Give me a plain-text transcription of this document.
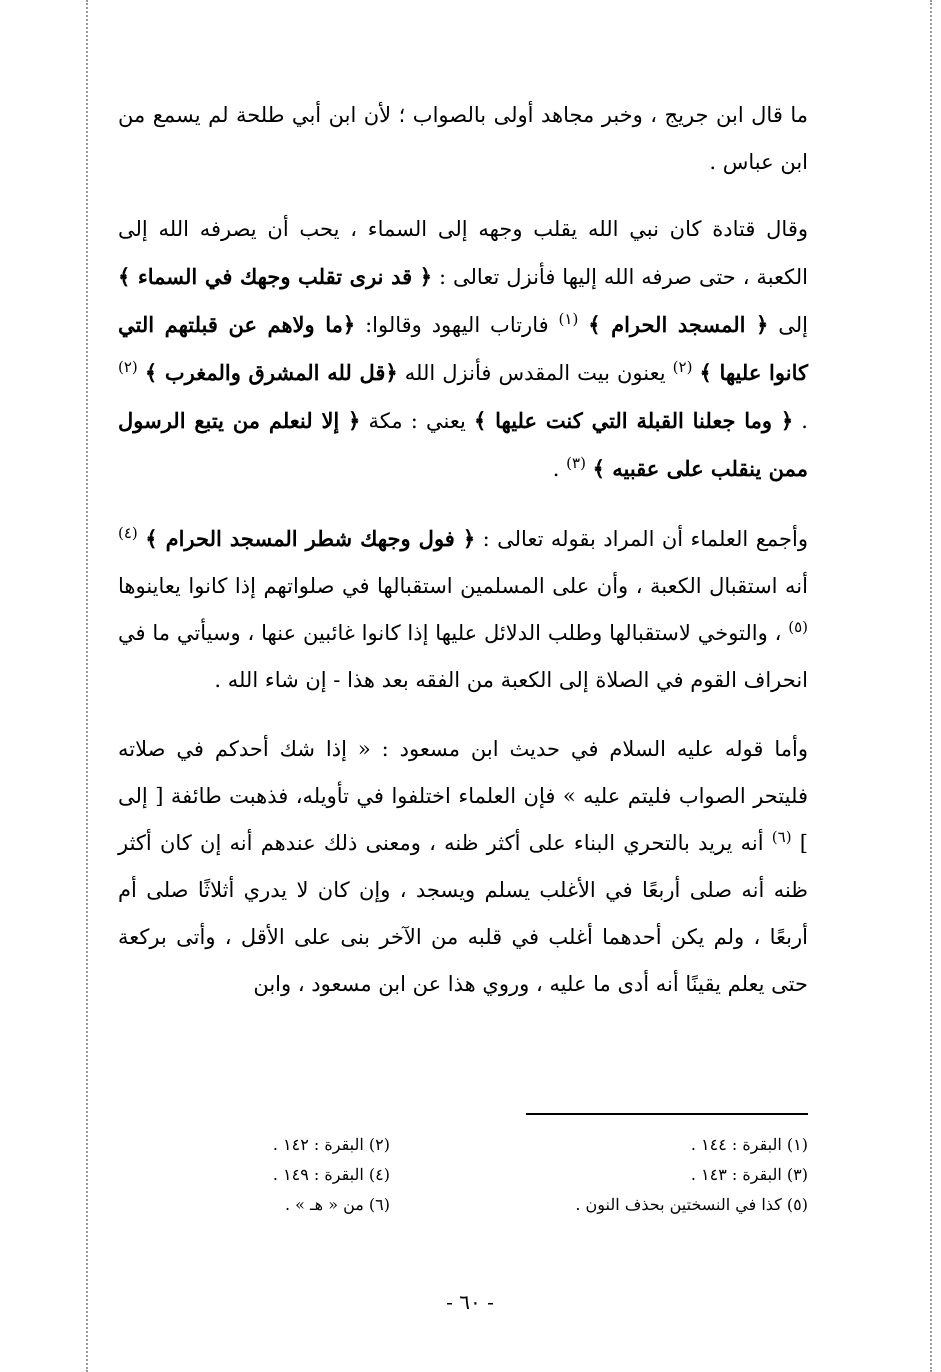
ما قال ابن جريج ، وخبر مجاهد أولى بالصواب ؛ لأن ابن أبي طلحة لم يسمع من ابن عباس .

وقال قتادة كان نبي الله يقلب وجهه إلى السماء ، يحب أن يصرفه الله إلى الكعبة ، حتى صرفه الله إليها فأنزل تعالى : ﴿ قد نرى تقلب وجهك في السماء ﴾ إلى ﴿ المسجد الحرام ﴾ $^{(١)}$ فارتاب اليهود وقالوا: ﴿ما ولاهم عن قبلتهم التي كانوا عليها ﴾ $^{(٢)}$ يعنون بيت المقدس فأنزل الله ﴿قل لله المشرق والمغرب ﴾ $^{(٢)}$ . ﴿ وما جعلنا القبلة التي كنت عليها ﴾ يعني : مكة ﴿ إلا لنعلم من يتبع الرسول ممن ينقلب على عقبيه ﴾ $^{(٣)}$ .

وأجمع العلماء أن المراد بقوله تعالى : ﴿ فول وجهك شطر المسجد الحرام ﴾ $^{(٤)}$ أنه استقبال الكعبة ، وأن على المسلمين استقبالها في صلواتهم إذا كانوا يعاينوها $^{(٥)}$ ، والتوخي لاستقبالها وطلب الدلائل عليها إذا كانوا غائبين عنها ، وسيأتي ما في انحراف القوم في الصلاة إلى الكعبة من الفقه بعد هذا - إن شاء الله .

وأما قوله عليه السلام في حديث ابن مسعود : « إذا شك أحدكم في صلاته فليتحر الصواب فليتم عليه » فإن العلماء اختلفوا في تأويله، فذهبت طائفة [ إلى ] $^{(٦)}$ أنه يريد بالتحري البناء على أكثر ظنه ، ومعنى ذلك عندهم أنه إن كان أكثر ظنه أنه صلى أربعًا في الأغلب يسلم ويسجد ، وإن كان لا يدري أثلاثًا صلى أم أربعًا ، ولم يكن أحدهما أغلب في قلبه من الآخر بنى على الأقل ، وأتى بركعة حتى يعلم يقينًا أنه أدى ما عليه ، وروي هذا عن ابن مسعود ، وابن

(١) البقرة : ١٤٤ .
(٢) البقرة : ١٤٢ .
(٣) البقرة : ١٤٣ .
(٤) البقرة : ١٤٩ .
(٥) كذا في النسختين بحذف النون .
(٦) من « هـ » .
- ٦٠ -
